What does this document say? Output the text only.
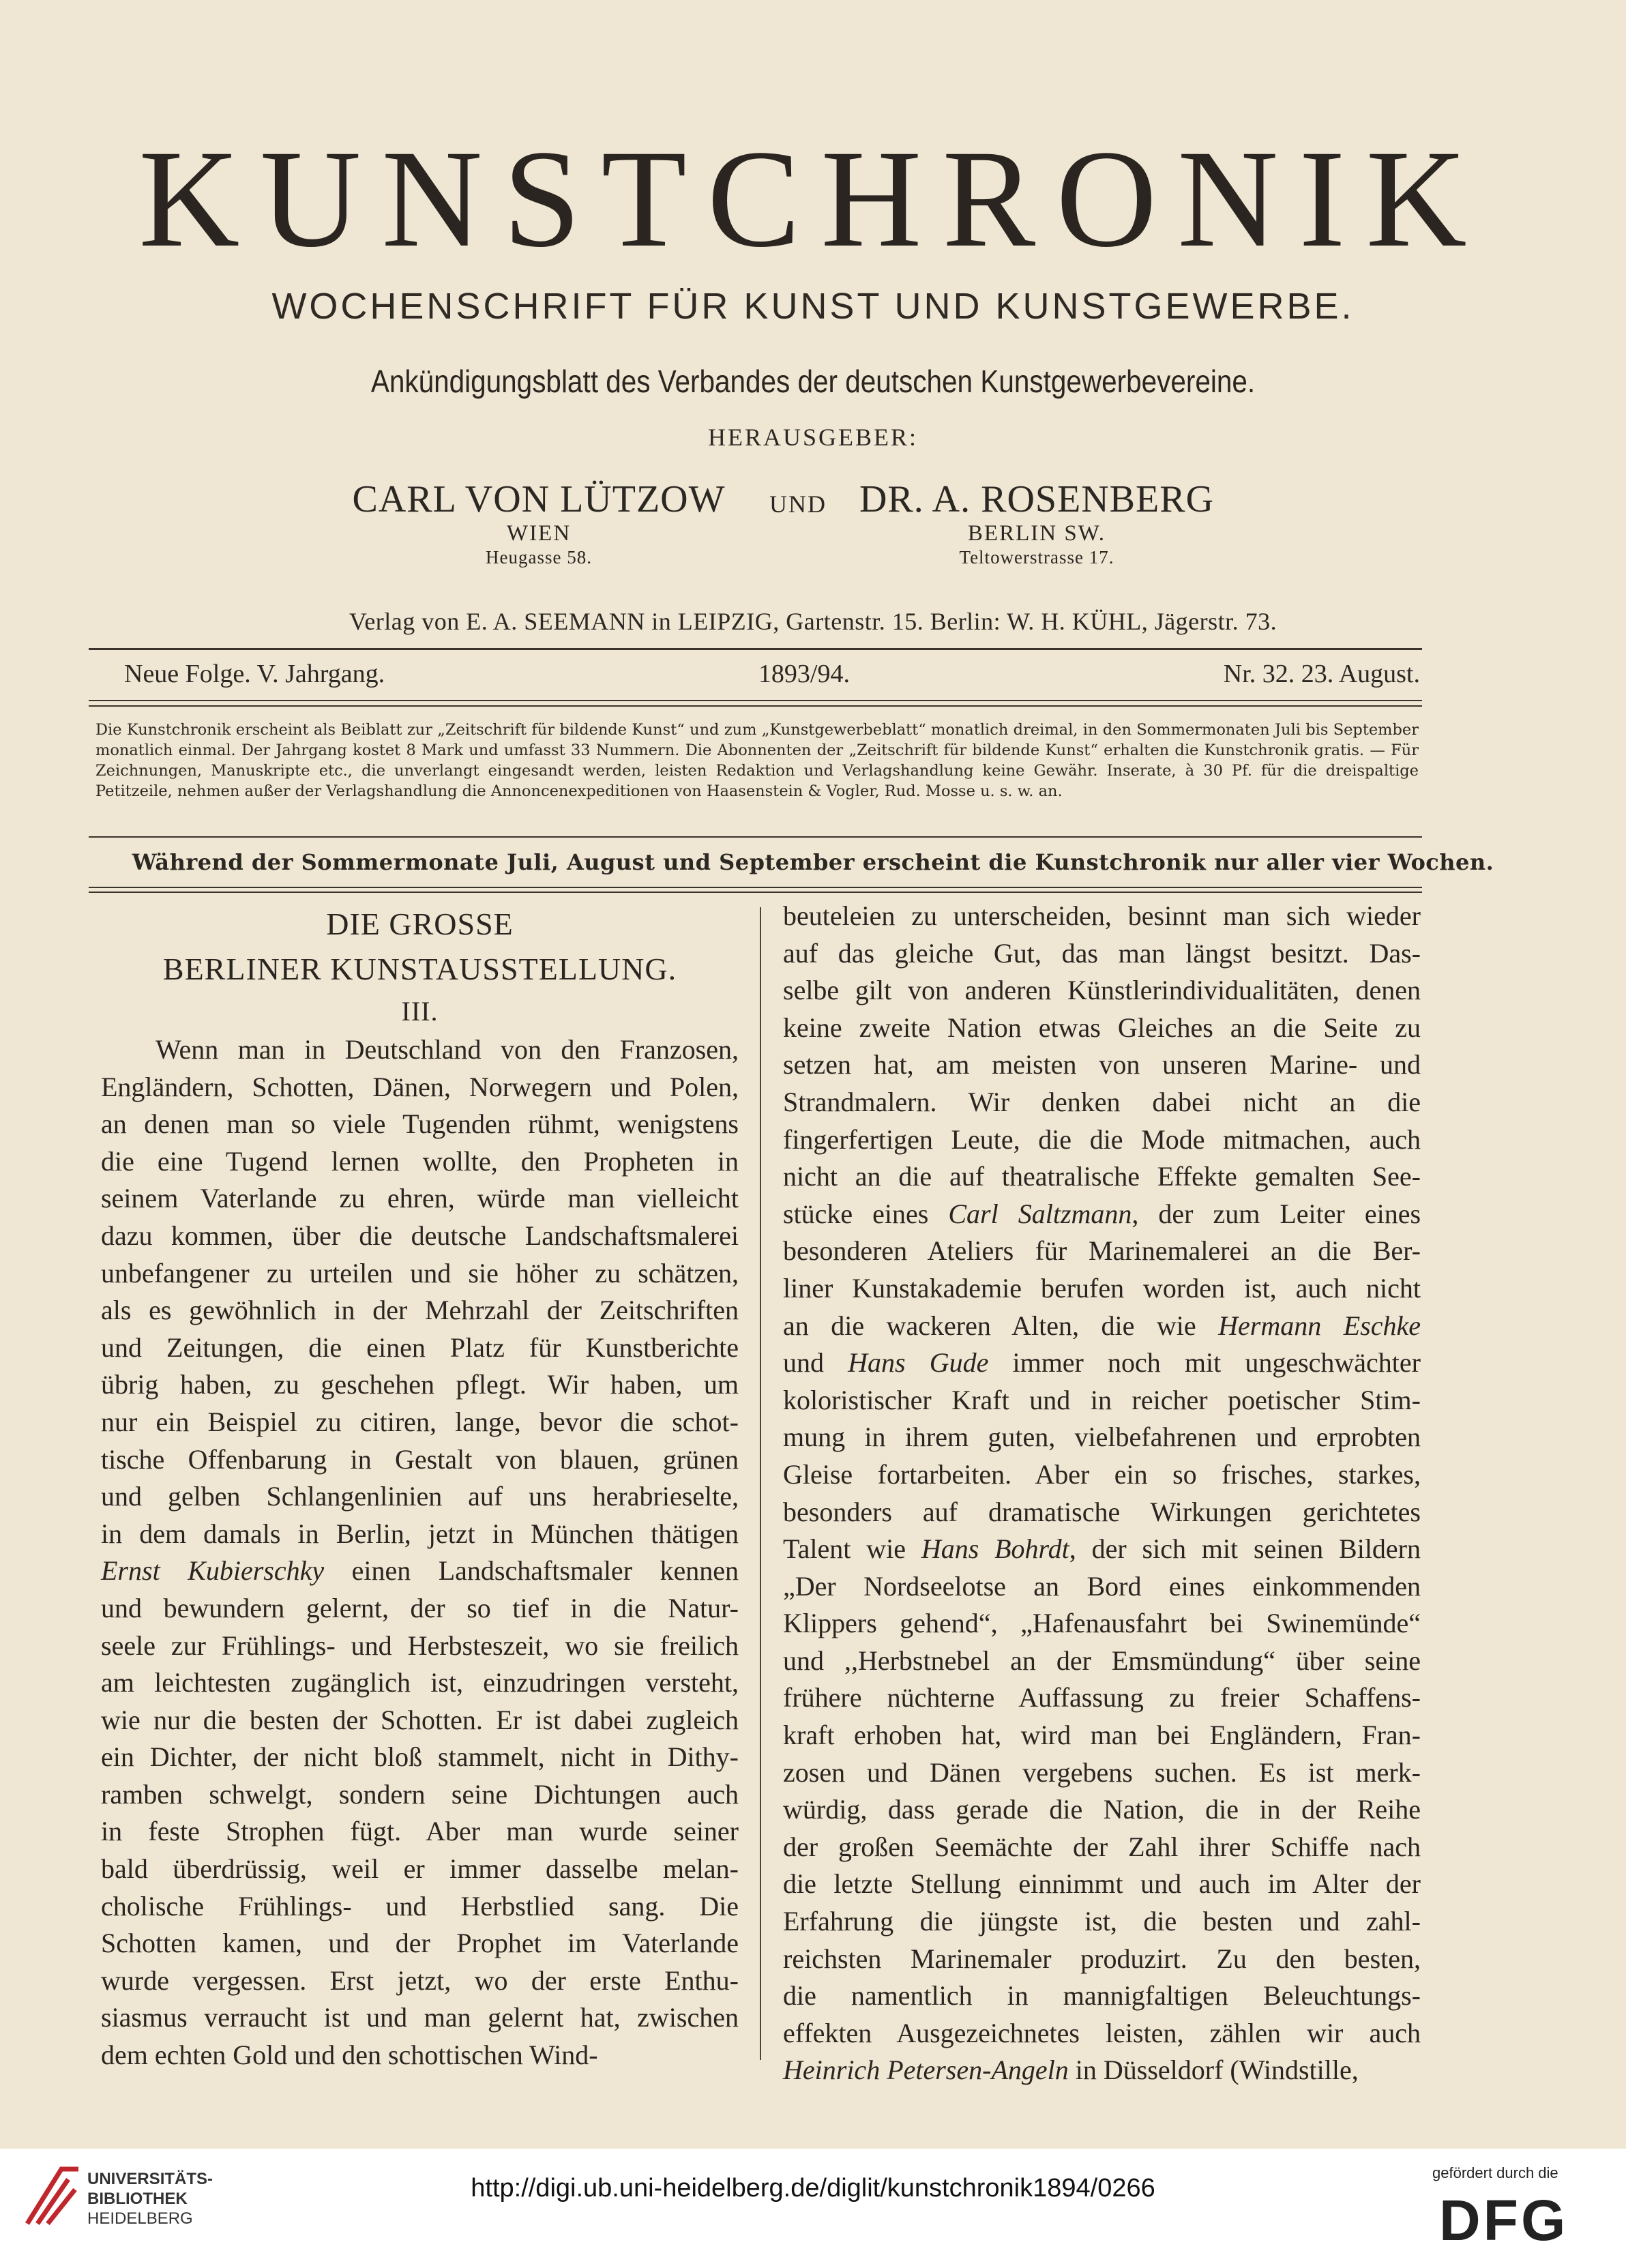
KUNSTCHRONIK
WOCHENSCHRIFT FÜR KUNST UND KUNSTGEWERBE.
Ankündigungsblatt des Verbandes der deutschen Kunstgewerbevereine.
HERAUSGEBER:
CARL VON LÜTZOW
WIEN
Heugasse 58.
UND DR. A. ROSENBERG
BERLIN SW.
Teltowerstrasse 17.
Verlag von E. A. SEEMANN in LEIPZIG, Gartenstr. 15. Berlin: W. H. KÜHL, Jägerstr. 73.
Neue Folge. V. Jahrgang.	1893/94.	Nr. 32. 23. August.
Die Kunstchronik erscheint als Beiblatt zur „Zeitschrift für bildende Kunst“ und zum „Kunstgewerbeblatt“ monatlich dreimal, in den Sommermonaten Juli bis September monatlich einmal. Der Jahrgang kostet 8 Mark und umfasst 33 Nummern. Die Abonnenten der „Zeitschrift für bildende Kunst“ erhalten die Kunstchronik gratis. — Für Zeichnungen, Manuskripte etc., die unverlangt eingesandt werden, leisten Redaktion und Verlagshandlung keine Gewähr. Inserate, à 30 Pf. für die dreispaltige Petitzeile, nehmen außer der Verlagshandlung die Annoncenexpeditionen von Haasenstein & Vogler, Rud. Mosse u. s. w. an.
Während der Sommermonate Juli, August und September erscheint die Kunstchronik nur aller vier Wochen.
DIE GROSSE
BERLINER KUNSTAUSSTELLUNG.
III.
Wenn man in Deutschland von den Franzosen,
Engländern, Schotten, Dänen, Norwegern und Polen,
an denen man so viele Tugenden rühmt, wenigstens
die eine Tugend lernen wollte, den Propheten in
seinem Vaterlande zu ehren, würde man vielleicht
dazu kommen, über die deutsche Landschaftsmalerei
unbefangener zu urteilen und sie höher zu schätzen,
als es gewöhnlich in der Mehrzahl der Zeitschriften
und Zeitungen, die einen Platz für Kunstberichte
übrig haben, zu geschehen pflegt. Wir haben, um
nur ein Beispiel zu citiren, lange, bevor die schot-
tische Offenbarung in Gestalt von blauen, grünen
und gelben Schlangenlinien auf uns herabrieselte,
in dem damals in Berlin, jetzt in München thätigen
Ernst Kubierschky einen Landschaftsmaler kennen
und bewundern gelernt, der so tief in die Natur-
seele zur Frühlings- und Herbsteszeit, wo sie freilich
am leichtesten zugänglich ist, einzudringen versteht,
wie nur die besten der Schotten. Er ist dabei zugleich
ein Dichter, der nicht bloß stammelt, nicht in Dithy-
ramben schwelgt, sondern seine Dichtungen auch
in feste Strophen fügt. Aber man wurde seiner
bald überdrüssig, weil er immer dasselbe melan-
cholische Frühlings- und Herbstlied sang. Die
Schotten kamen, und der Prophet im Vaterlande
wurde vergessen. Erst jetzt, wo der erste Enthu-
siasmus verraucht ist und man gelernt hat, zwischen
dem echten Gold und den schottischen Wind-
beuteleien zu unterscheiden, besinnt man sich wieder
auf das gleiche Gut, das man längst besitzt. Das-
selbe gilt von anderen Künstlerindividualitäten, denen
keine zweite Nation etwas Gleiches an die Seite zu
setzen hat, am meisten von unseren Marine- und
Strandmalern. Wir denken dabei nicht an die
fingerfertigen Leute, die die Mode mitmachen, auch
nicht an die auf theatralische Effekte gemalten See-
stücke eines Carl Saltzmann, der zum Leiter eines
besonderen Ateliers für Marinemalerei an die Ber-
liner Kunstakademie berufen worden ist, auch nicht
an die wackeren Alten, die wie Hermann Eschke
und Hans Gude immer noch mit ungeschwächter
koloristischer Kraft und in reicher poetischer Stim-
mung in ihrem guten, vielbefahrenen und erprobten
Gleise fortarbeiten. Aber ein so frisches, starkes,
besonders auf dramatische Wirkungen gerichtetes
Talent wie Hans Bohrdt, der sich mit seinen Bildern
„Der Nordseelotse an Bord eines einkommenden
Klippers gehend“, „Hafenausfahrt bei Swinemünde“
und ,,Herbstnebel an der Emsmündung“ über seine
frühere nüchterne Auffassung zu freier Schaffens-
kraft erhoben hat, wird man bei Engländern, Fran-
zosen und Dänen vergebens suchen. Es ist merk-
würdig, dass gerade die Nation, die in der Reihe
der großen Seemächte der Zahl ihrer Schiffe nach
die letzte Stellung einnimmt und auch im Alter der
Erfahrung die jüngste ist, die besten und zahl-
reichsten Marinemaler produzirt. Zu den besten,
die namentlich in mannigfaltigen Beleuchtungs-
effekten Ausgezeichnetes leisten, zählen wir auch
Heinrich Petersen-Angeln in Düsseldorf (Windstille,
UNIVERSITÄTS-
BIBLIOTHEK
HEIDELBERG
http://digi.ub.uni-heidelberg.de/diglit/kunstchronik1894/0266
gefördert durch die
DFG
